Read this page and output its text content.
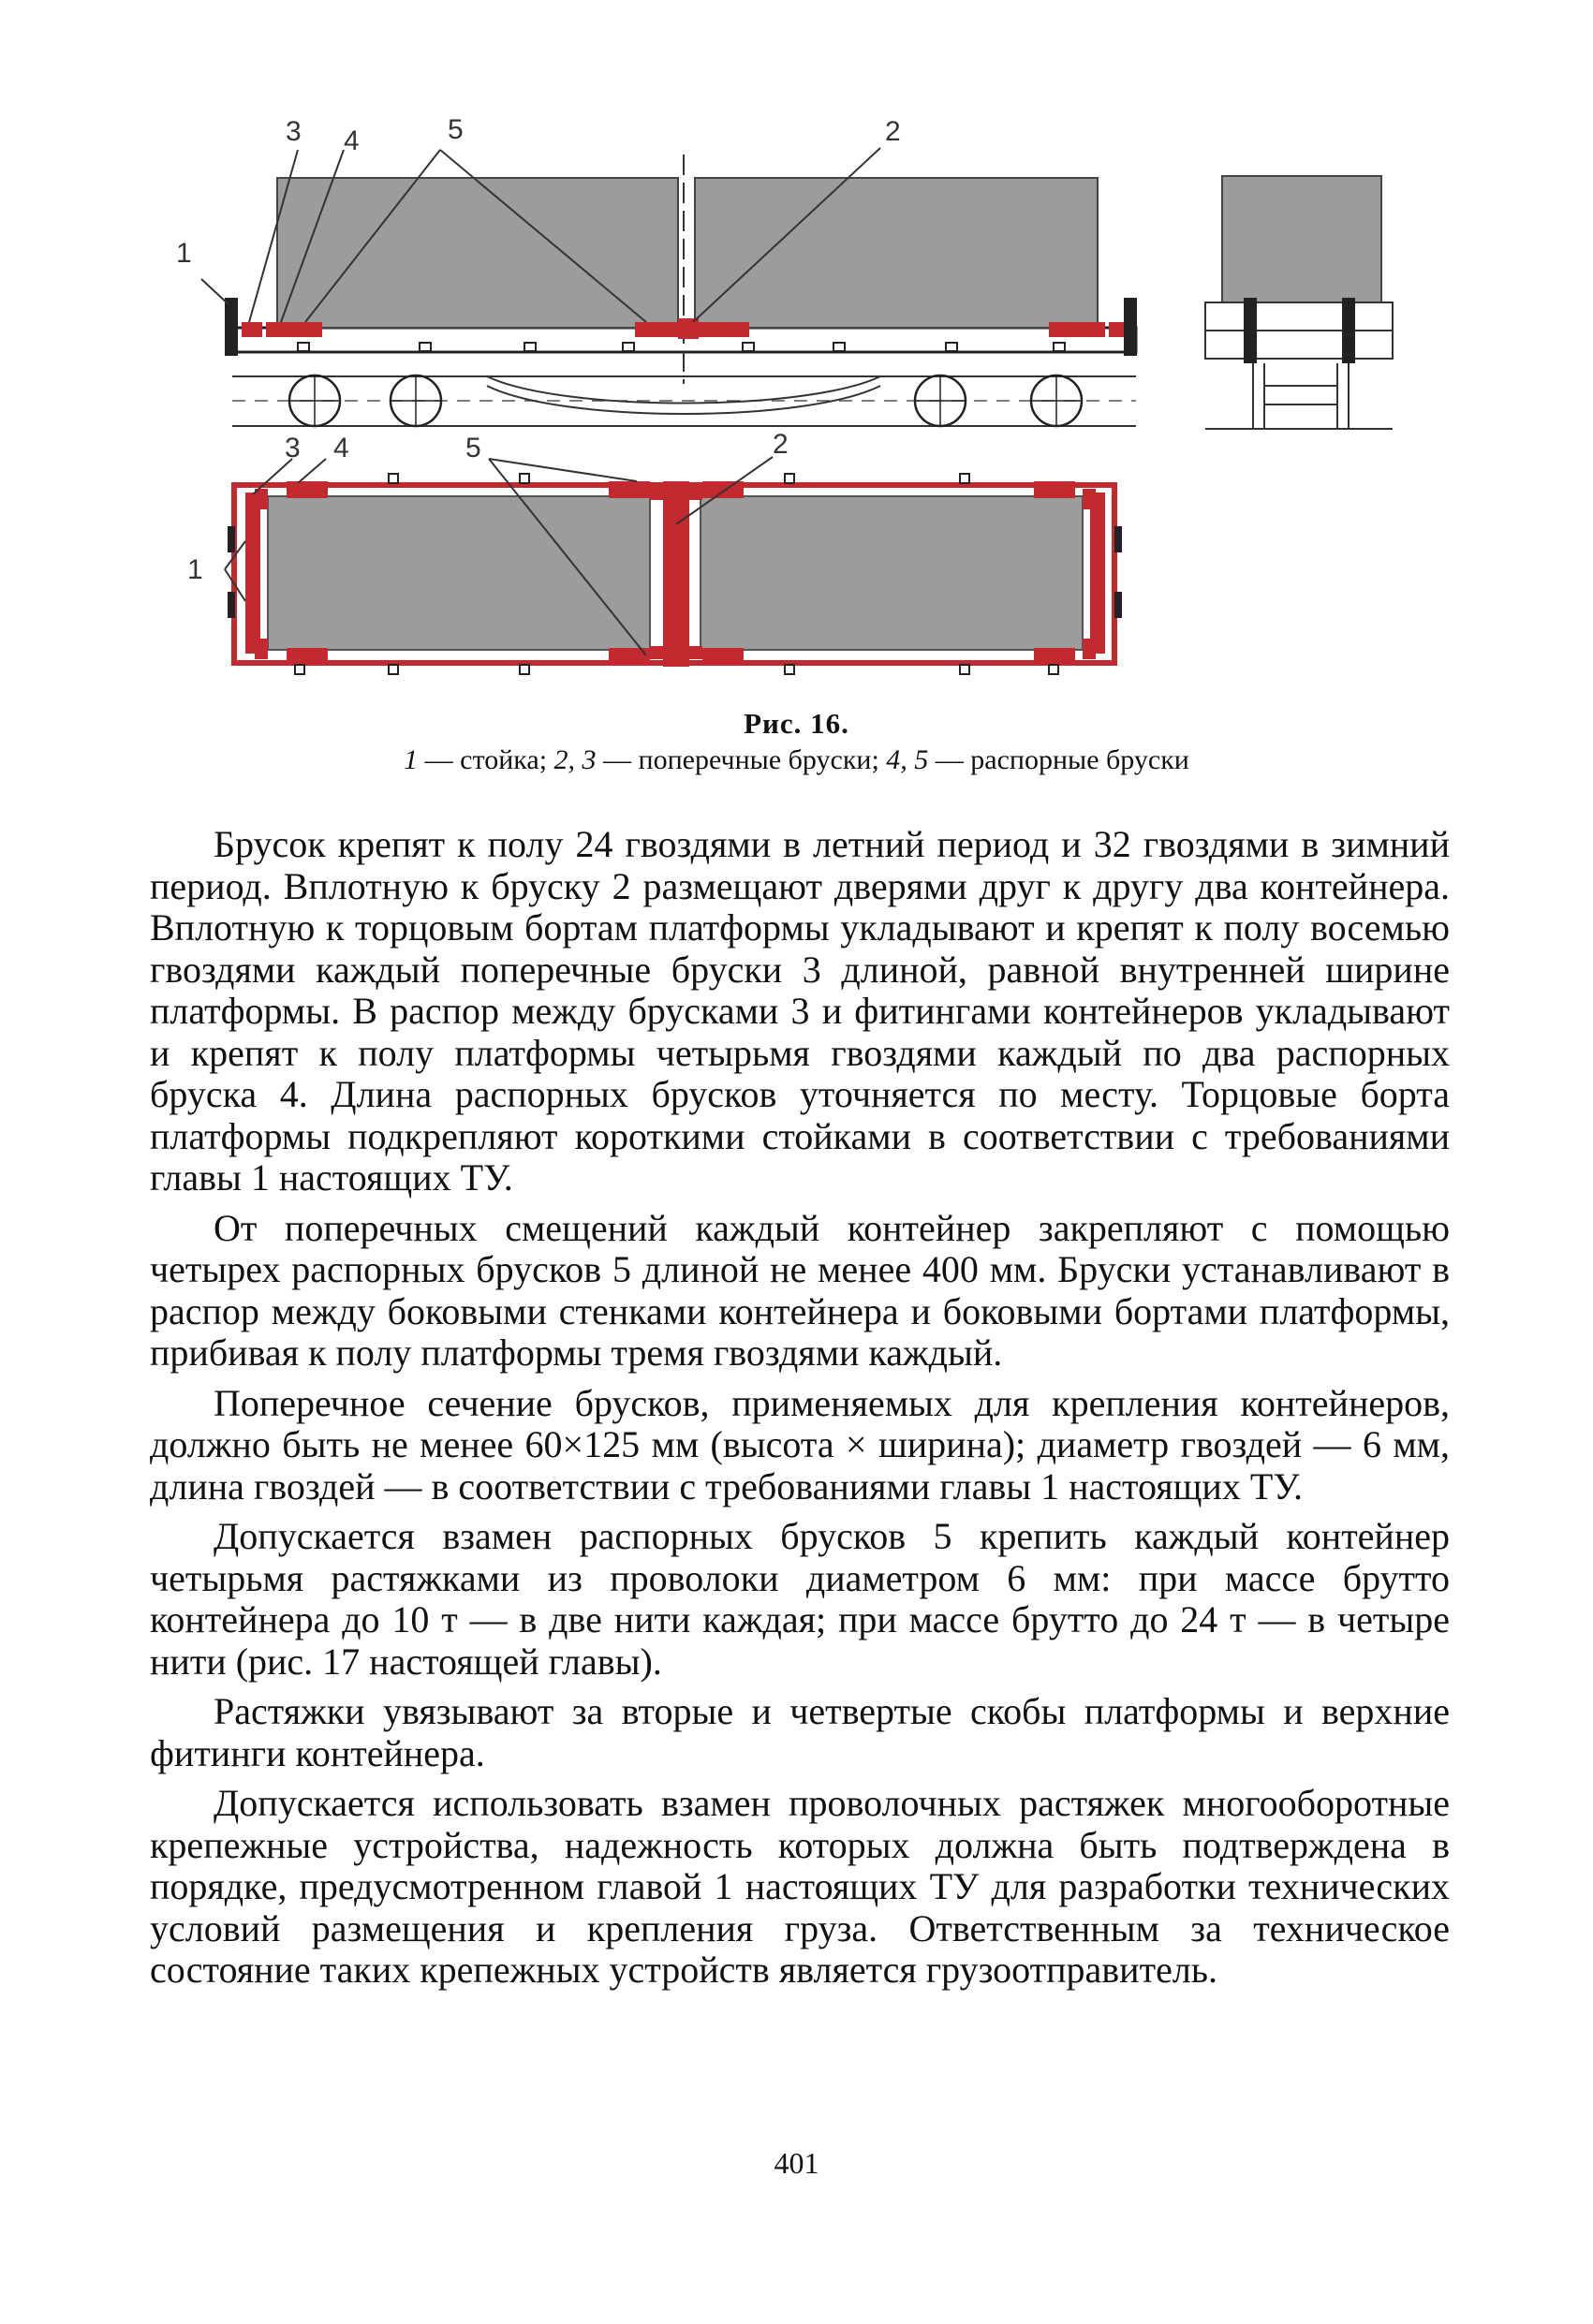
1
3 4	5	2
3 4	5	2
1
Рис. 16.
1 — стойка; 2, 3 — поперечные бруски; 4, 5 — распорные бруски

Брусок крепят к полу 24 гвоздями в летний период и 32 гвоздями в зимний период. Вплотную к бруску 2 размещают дверями друг к другу два контейнера. Вплотную к торцовым бортам платформы укладывают и крепят к полу восемью гвоздями каждый поперечные бруски 3 длиной, равной внутренней ширине платформы. В распор между брусками 3 и фитингами контейнеров укладывают и крепят к полу платформы четырьмя гвоздями каждый по два распорных бруска 4. Длина распорных брусков уточняется по месту. Торцовые борта платформы подкрепляют короткими стойками в соответствии с требованиями главы 1 настоящих ТУ.

От поперечных смещений каждый контейнер закрепляют с помощью четырех распорных брусков 5 длиной не менее 400 мм. Бруски устанавливают в распор между боковыми стенками контейнера и боковыми бортами платформы, прибивая к полу платформы тремя гвоздями каждый.

Поперечное сечение брусков, применяемых для крепления контейнеров, должно быть не менее 60×125 мм (высота × ширина); диаметр гвоздей — 6 мм, длина гвоздей — в соответствии с требованиями главы 1 настоящих ТУ.

Допускается взамен распорных брусков 5 крепить каждый контейнер четырьмя растяжками из проволоки диаметром 6 мм: при массе брутто контейнера до 10 т — в две нити каждая; при массе брутто до 24 т — в четыре нити (рис. 17 настоящей главы).

Растяжки увязывают за вторые и четвертые скобы платформы и верхние фитинги контейнера.

Допускается использовать взамен проволочных растяжек многооборотные крепежные устройства, надежность которых должна быть подтверждена в порядке, предусмотренном главой 1 настоящих ТУ для разработки технических условий размещения и крепления груза. Ответственным за техническое состояние таких крепежных устройств является грузоотправитель.

401
